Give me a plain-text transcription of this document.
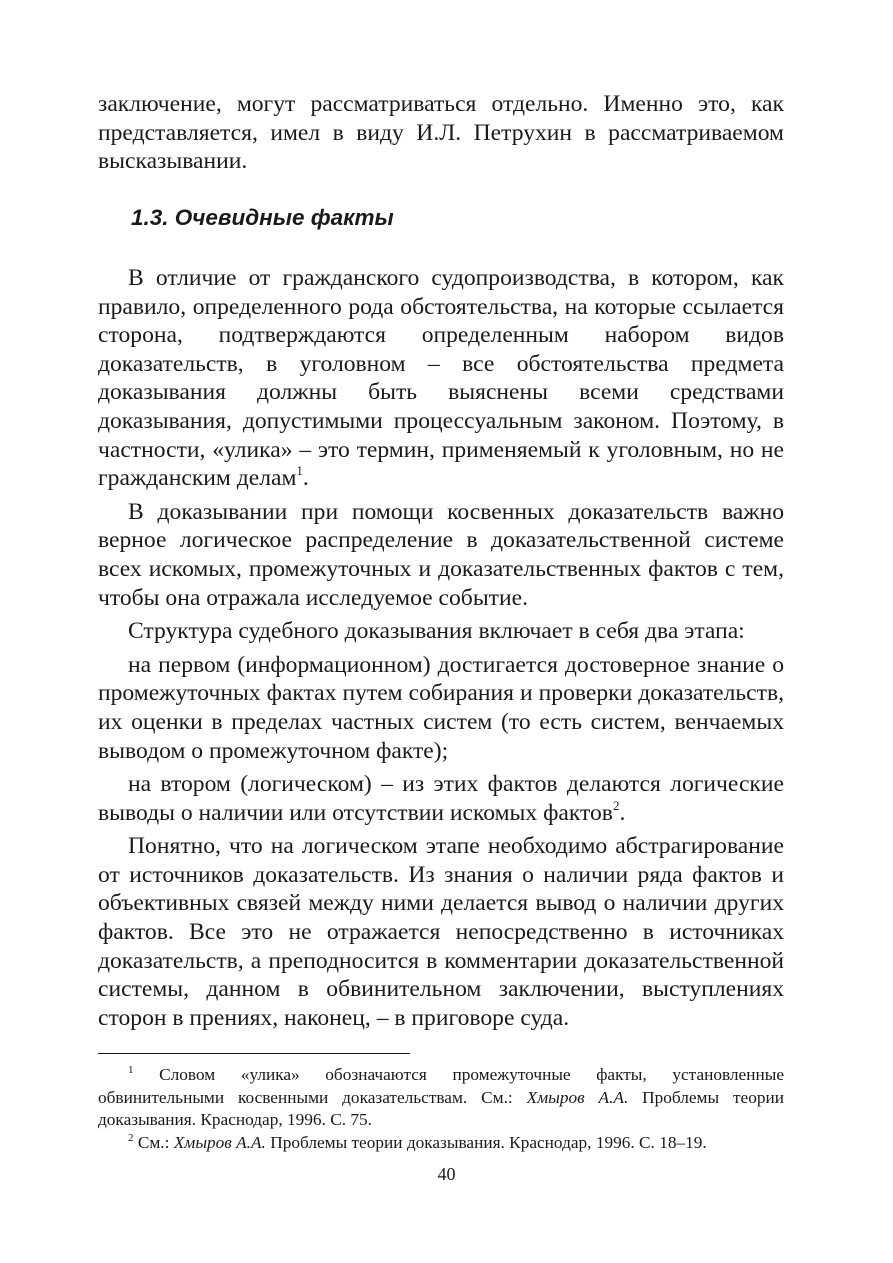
заключение, могут рассматриваться отдельно. Именно это, как представляется, имел в виду И.Л. Петрухин в рассматриваемом высказывании.

1.3. Очевидные факты

В отличие от гражданского судопроизводства, в котором, как правило, определенного рода обстоятельства, на которые ссылается сторона, подтверждаются определенным набором видов доказательств, в уголовном – все обстоятельства предмета доказывания должны быть выяснены всеми средствами доказывания, допустимыми процессуальным законом. Поэтому, в частности, «улика» – это термин, применяемый к уголовным, но не гражданским делам$^1$.

В доказывании при помощи косвенных доказательств важно верное логическое распределение в доказательственной системе всех искомых, промежуточных и доказательственных фактов с тем, чтобы она отражала исследуемое событие.

Структура судебного доказывания включает в себя два этапа:

на первом (информационном) достигается достоверное знание о промежуточных фактах путем собирания и проверки доказательств, их оценки в пределах частных систем (то есть систем, венчаемых выводом о промежуточном факте);

на втором (логическом) – из этих фактов делаются логические выводы о наличии или отсутствии искомых фактов$^2$.

Понятно, что на логическом этапе необходимо абстрагирование от источников доказательств. Из знания о наличии ряда фактов и объективных связей между ними делается вывод о наличии других фактов. Все это не отражается непосредственно в источниках доказательств, а преподносится в комментарии доказательственной системы, данном в обвинительном заключении, выступлениях сторон в прениях, наконец, – в приговоре суда.

$^1$ Словом «улика» обозначаются промежуточные факты, установленные обвинительными косвенными доказательствам. См.: Хмыров А.А. Проблемы теории доказывания. Краснодар, 1996. С. 75.

$^2$ См.: Хмыров А.А. Проблемы теории доказывания. Краснодар, 1996. С. 18–19.

40
